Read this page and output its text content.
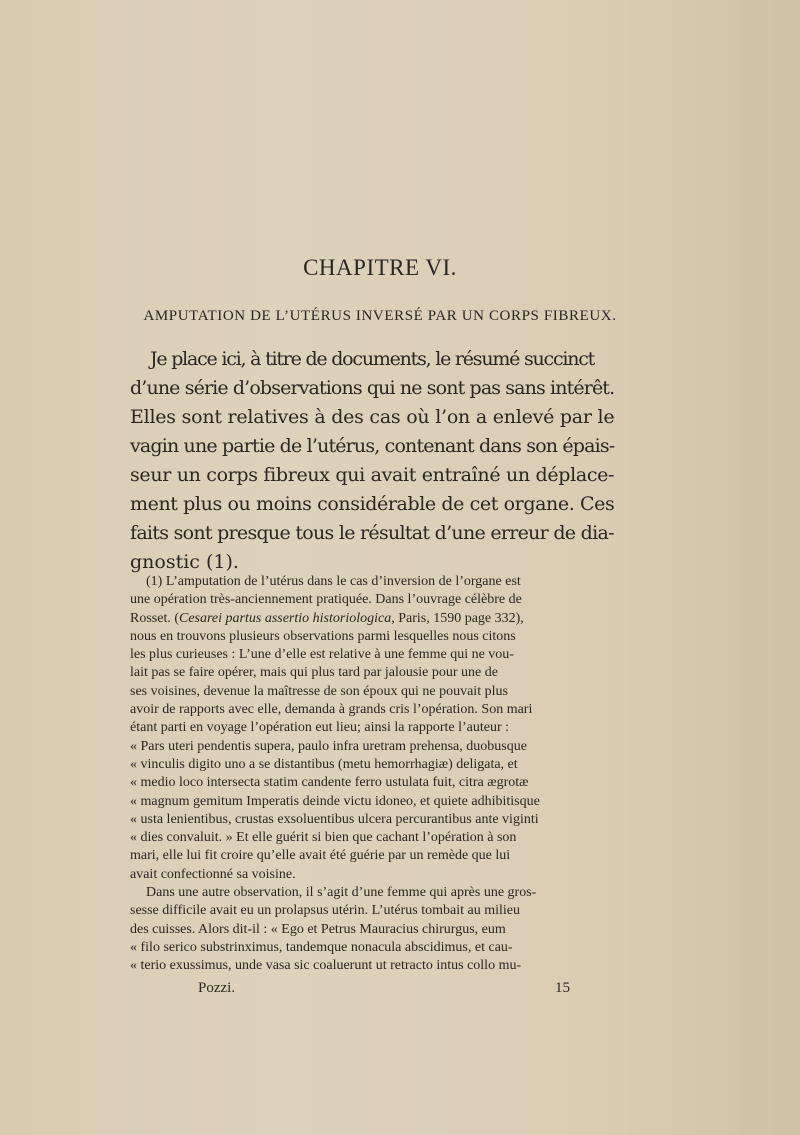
CHAPITRE VI.
AMPUTATION DE L’UTÉRUS INVERSÉ PAR UN CORPS FIBREUX.
Je place ici, à titre de documents, le résumé succinct
d’une série d’observations qui ne sont pas sans intérêt.
Elles sont relatives à des cas où l’on a enlevé par le
vagin une partie de l’utérus, contenant dans son épais-
seur un corps fibreux qui avait entraîné un déplace-
ment plus ou moins considérable de cet organe. Ces
faits sont presque tous le résultat d’une erreur de dia-
gnostic (1).
(1) L’amputation de l’utérus dans le cas d’inversion de l’organe est
une opération très-anciennement pratiquée. Dans l’ouvrage célèbre de
Rosset. (Cesarei partus assertio historiologica, Paris, 1590 page 332),
nous en trouvons plusieurs observations parmi lesquelles nous citons
les plus curieuses : L’une d’elle est relative à une femme qui ne vou-
lait pas se faire opérer, mais qui plus tard par jalousie pour une de
ses voisines, devenue la maîtresse de son époux qui ne pouvait plus
avoir de rapports avec elle, demanda à grands cris l’opération. Son mari
étant parti en voyage l’opération eut lieu; ainsi la rapporte l’auteur :
« Pars uteri pendentis supera, paulo infra uretram prehensa, duobusque
« vinculis digito uno a se distantibus (metu hemorrhagiæ) deligata, et
« medio loco intersecta statim candente ferro ustulata fuit, citra ægrotæ
« magnum gemitum Imperatis deinde victu idoneo, et quiete adhibitisque
« usta lenientibus, crustas exsoluentibus ulcera percurantibus ante viginti
« dies convaluit. » Et elle guérit si bien que cachant l’opération à son
mari, elle lui fit croire qu’elle avait été guérie par un remède que lui
avait confectionné sa voisine.
Dans une autre observation, il s’agit d’une femme qui après une gros-
sesse difficile avait eu un prolapsus utérin. L’utérus tombait au milieu
des cuisses. Alors dit-il : « Ego et Petrus Mauracius chirurgus, eum
« filo serico substrinximus, tandemque nonacula abscidimus, et cau-
« terio exussimus, unde vasa sic coaluerunt ut retracto intus collo mu-
Pozzi.	15
